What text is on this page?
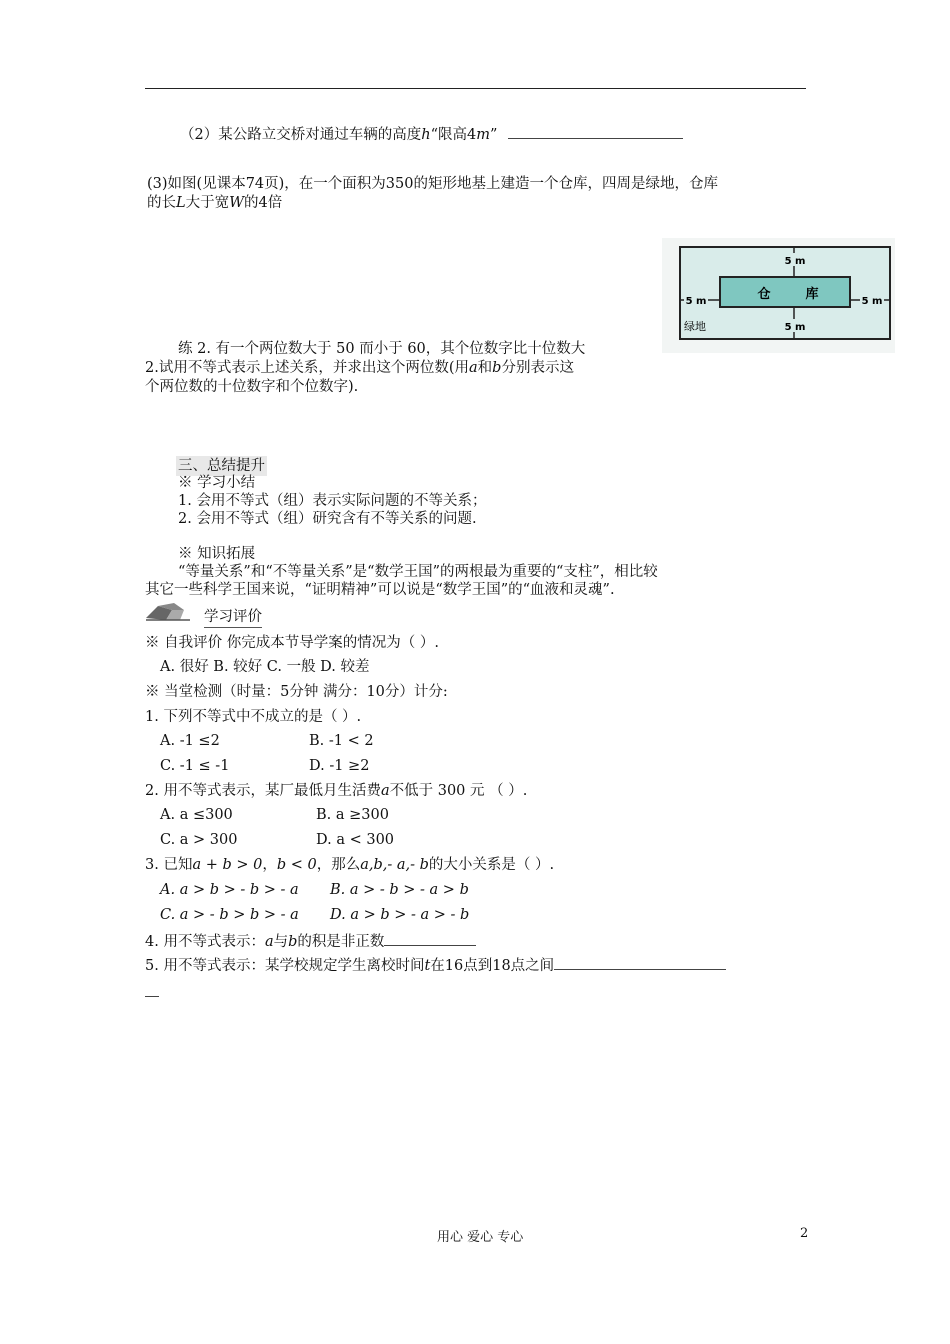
（2）某公路立交桥对通过车辆的高度h“限高4m”
(3)如图(见课本74页)，在一个面积为350的矩形地基上建造一个仓库，四周是绿地，仓库
的长L大于宽W的4倍
5 m
5 m
5 m	5 m
仓	库
绿地
练 2. 有一个两位数大于 50 而小于 60，其个位数字比十位数大
2.试用不等式表示上述关系，并求出这个两位数(用a和b分别表示这
个两位数的十位数字和个位数字).
三、总结提升
※ 学习小结
1. 会用不等式（组）表示实际问题的不等关系；
2. 会用不等式（组）研究含有不等关系的问题.
※ 知识拓展
“等量关系”和“不等量关系”是“数学王国”的两根最为重要的“支柱”，相比较
其它一些科学王国来说，“证明精神”可以说是“数学王国”的“血液和灵魂”.
学习评价
※ 自我评价 你完成本节导学案的情况为（ ）.
A. 很好 B. 较好 C. 一般 D. 较差
※ 当堂检测（时量：5分钟 满分：10分）计分:
1. 下列不等式中不成立的是（ ）.
A. -1 ≤2	B. -1 < 2
C. -1 ≤ -1	D. -1 ≥2
2. 用不等式表示，某厂最低月生活费a不低于 300 元 （ ）.
A. a ≤300	B. a ≥300
C. a > 300	D. a < 300
3. 已知a + b > 0，b < 0，那么a,b,- a,- b的大小关系是（ ）.
A. a > b > - b > - a B. a > - b > - a > b
C. a > - b > b > - a D. a > b > - a > - b
4. 用不等式表示：a与b的积是非正数
5. 用不等式表示：某学校规定学生离校时间t在16点到18点之间
用心 爱心 专心	2
